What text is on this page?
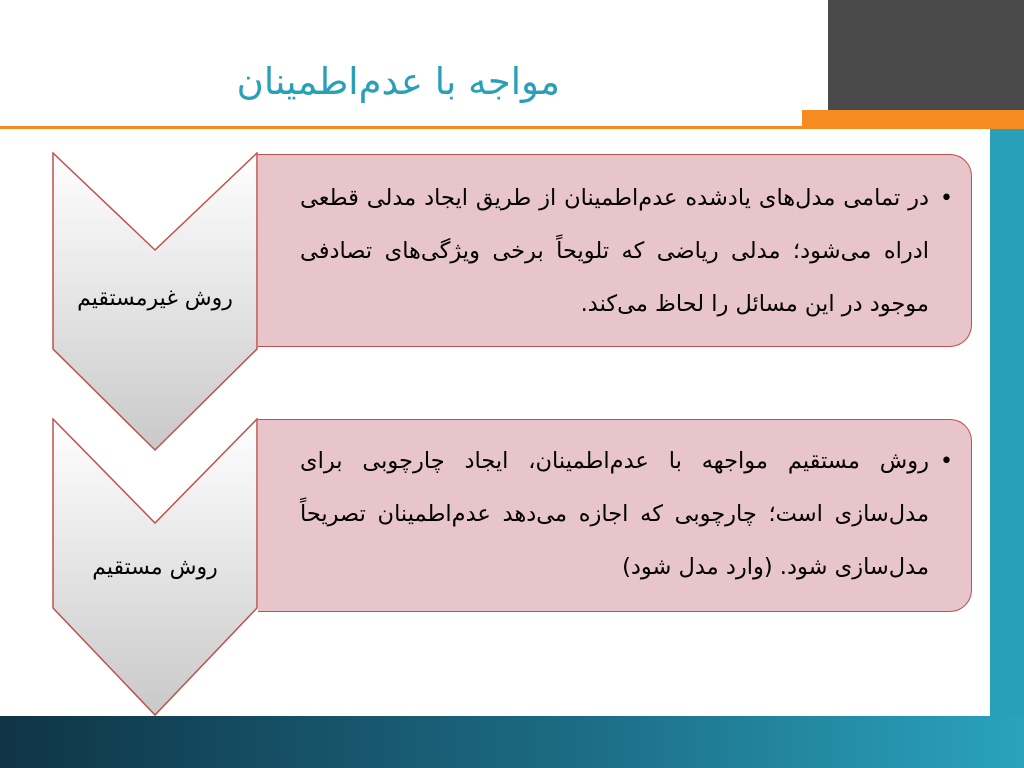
مواجه با عدم‌اطمینان
روش غیرمستقیم
•
در تمامی مدل‌های یادشده عدم‌اطمینان از طریق ایجاد مدلی قطعی ادراه می‌شود؛ مدلی ریاضی که تلویحاً برخی ویژگی‌های تصادفی موجود در این مسائل را لحاظ می‌کند.
روش مستقیم
•
روش مستقیم مواجهه با عدم‌اطمینان، ایجاد چارچوبی برای مدل‌سازی است؛ چارچوبی که اجازه می‌دهد عدم‌اطمینان تصریحاً مدل‌سازی شود. (وارد مدل شود)
